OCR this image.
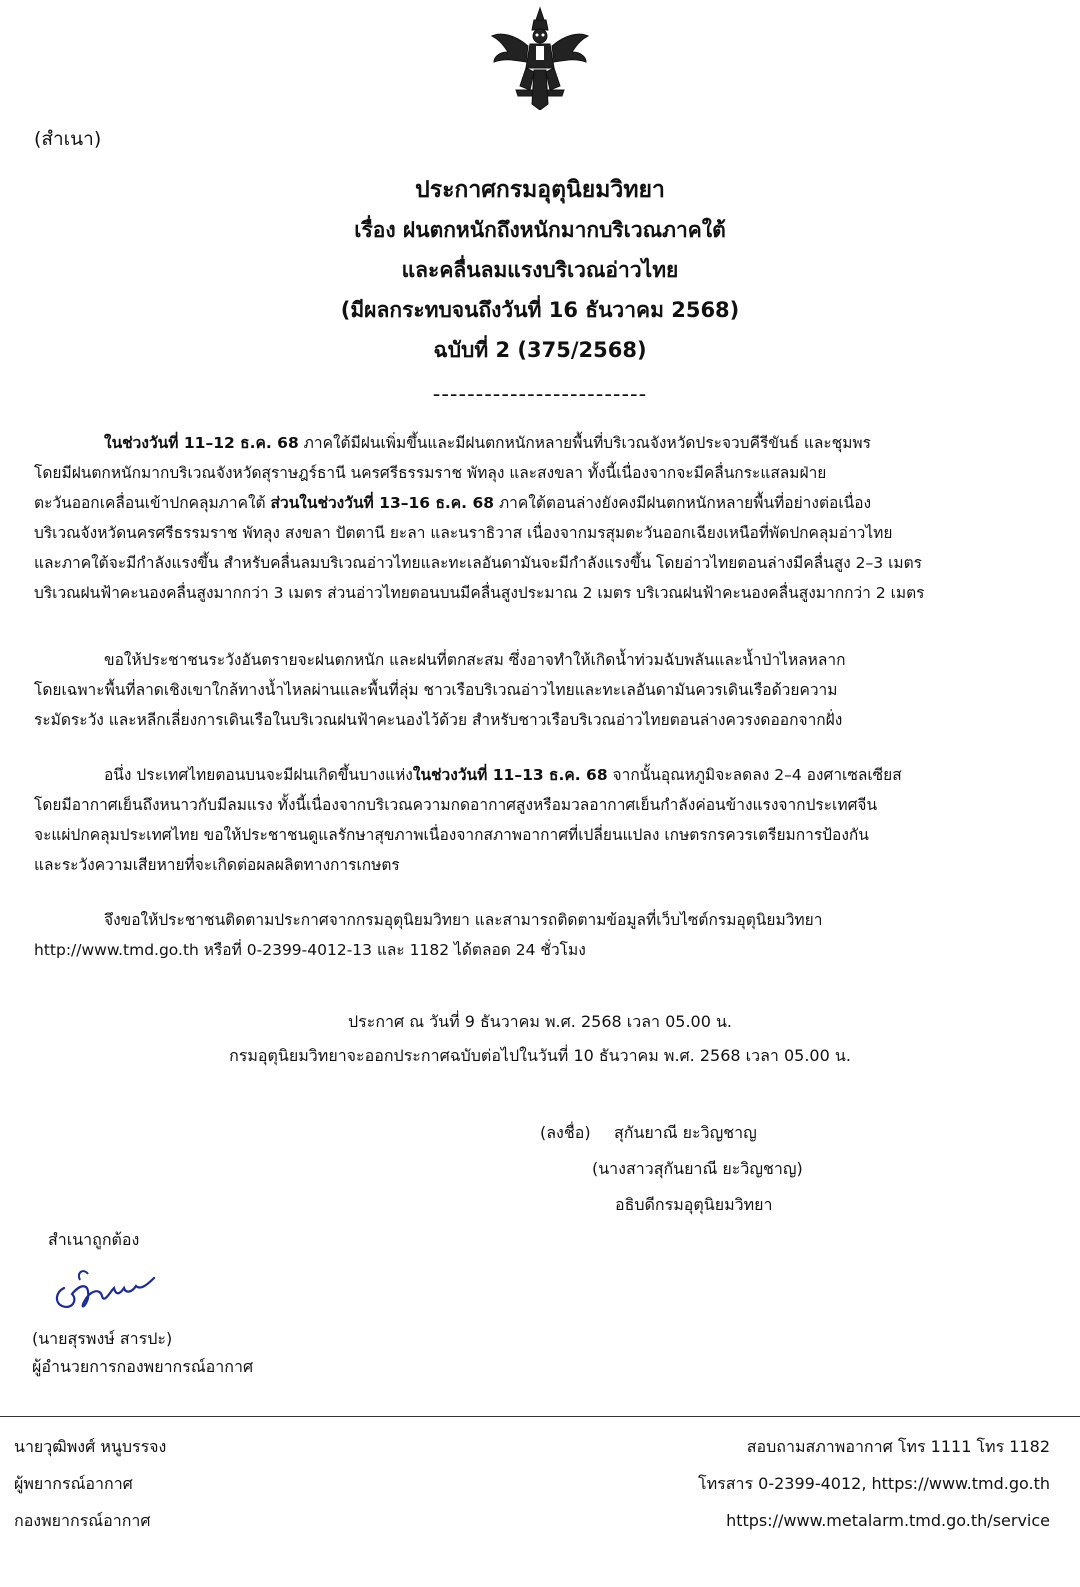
(สำเนา)
ประกาศกรมอุตุนิยมวิทยา
เรื่อง ฝนตกหนักถึงหนักมากบริเวณภาคใต้
และคลื่นลมแรงบริเวณอ่าวไทย
(มีผลกระทบจนถึงวันที่ 16 ธันวาคม 2568)
ฉบับที่ 2 (375/2568)
-------------------------
ในช่วงวันที่ 11–12 ธ.ค. 68 ภาคใต้มีฝนเพิ่มขึ้นและมีฝนตกหนักหลายพื้นที่บริเวณจังหวัดประจวบคีรีขันธ์ และชุมพร
โดยมีฝนตกหนักมากบริเวณจังหวัดสุราษฎร์ธานี นครศรีธรรมราช พัทลุง และสงขลา ทั้งนี้เนื่องจากจะมีคลื่นกระแสลมฝ่าย
ตะวันออกเคลื่อนเข้าปกคลุมภาคใต้ ส่วนในช่วงวันที่ 13–16 ธ.ค. 68 ภาคใต้ตอนล่างยังคงมีฝนตกหนักหลายพื้นที่อย่างต่อเนื่อง
บริเวณจังหวัดนครศรีธรรมราช พัทลุง สงขลา ปัตตานี ยะลา และนราธิวาส เนื่องจากมรสุมตะวันออกเฉียงเหนือที่พัดปกคลุมอ่าวไทย
และภาคใต้จะมีกำลังแรงขึ้น สำหรับคลื่นลมบริเวณอ่าวไทยและทะเลอันดามันจะมีกำลังแรงขึ้น โดยอ่าวไทยตอนล่างมีคลื่นสูง 2–3 เมตร
บริเวณฝนฟ้าคะนองคลื่นสูงมากกว่า 3 เมตร ส่วนอ่าวไทยตอนบนมีคลื่นสูงประมาณ 2 เมตร บริเวณฝนฟ้าคะนองคลื่นสูงมากกว่า 2 เมตร
ขอให้ประชาชนระวังอันตรายจะฝนตกหนัก และฝนที่ตกสะสม ซึ่งอาจทำให้เกิดน้ำท่วมฉับพลันและน้ำป่าไหลหลาก
โดยเฉพาะพื้นที่ลาดเชิงเขาใกล้ทางน้ำไหลผ่านและพื้นที่ลุ่ม ชาวเรือบริเวณอ่าวไทยและทะเลอันดามันควรเดินเรือด้วยความ
ระมัดระวัง และหลีกเลี่ยงการเดินเรือในบริเวณฝนฟ้าคะนองไว้ด้วย สำหรับชาวเรือบริเวณอ่าวไทยตอนล่างควรงดออกจากฝั่ง
อนึ่ง ประเทศไทยตอนบนจะมีฝนเกิดขึ้นบางแห่งในช่วงวันที่ 11–13 ธ.ค. 68 จากนั้นอุณหภูมิจะลดลง 2–4 องศาเซลเซียส
โดยมีอากาศเย็นถึงหนาวกับมีลมแรง ทั้งนี้เนื่องจากบริเวณความกดอากาศสูงหรือมวลอากาศเย็นกำลังค่อนข้างแรงจากประเทศจีน
จะแผ่ปกคลุมประเทศไทย ขอให้ประชาชนดูแลรักษาสุขภาพเนื่องจากสภาพอากาศที่เปลี่ยนแปลง เกษตรกรควรเตรียมการป้องกัน
และระวังความเสียหายที่จะเกิดต่อผลผลิตทางการเกษตร
จึงขอให้ประชาชนติดตามประกาศจากกรมอุตุนิยมวิทยา และสามารถติดตามข้อมูลที่เว็บไซต์กรมอุตุนิยมวิทยา
http://www.tmd.go.th หรือที่ 0-2399-4012-13 และ 1182 ได้ตลอด 24 ชั่วโมง
ประกาศ ณ วันที่ 9 ธันวาคม พ.ศ. 2568 เวลา 05.00 น.
กรมอุตุนิยมวิทยาจะออกประกาศฉบับต่อไปในวันที่ 10 ธันวาคม พ.ศ. 2568 เวลา 05.00 น.
(ลงชื่อ) สุกันยาณี ยะวิญชาญ
(นางสาวสุกันยาณี ยะวิญชาญ)
อธิบดีกรมอุตุนิยมวิทยา
สำเนาถูกต้อง
(นายสุรพงษ์ สารปะ)
ผู้อำนวยการกองพยากรณ์อากาศ
นายวุฒิพงศ์ หนูบรรจง
ผู้พยากรณ์อากาศ
กองพยากรณ์อากาศ
สอบถามสภาพอากาศ โทร 1111 โทร 1182
โทรสาร 0-2399-4012, https://www.tmd.go.th
https://www.metalarm.tmd.go.th/service
